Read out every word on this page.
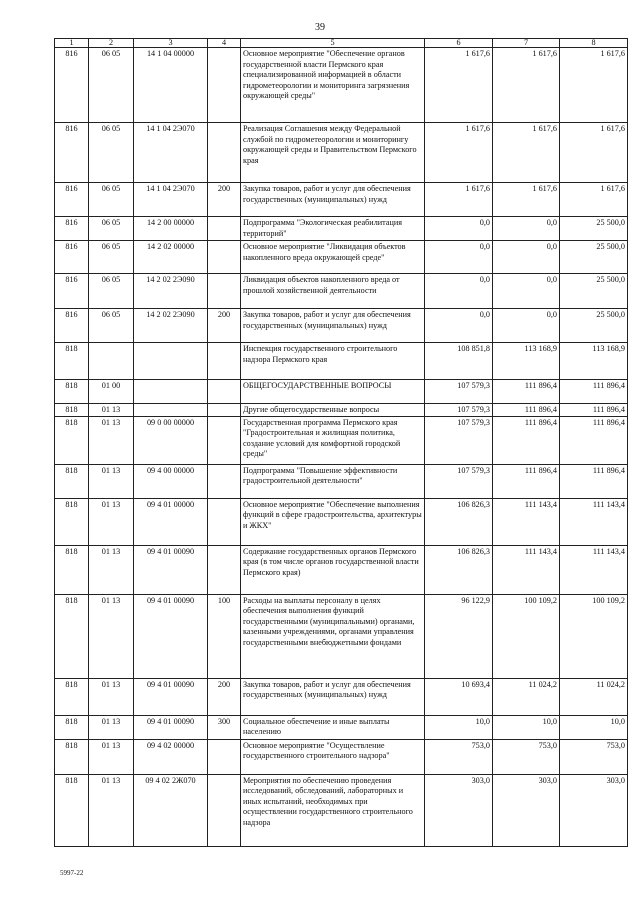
39
1	2	3	4	5	6	7	8
816	06 05	14 1 04 00000		Основное мероприятие "Обеспечение органов государственной власти Пермского края специализированной информацией в области гидрометеорологии и мониторинга загрязнения окружающей среды"	1 617,6	1 617,6	1 617,6
816	06 05	14 1 04 2Э070		Реализация Соглашения между Федеральной службой по гидрометеорологии и мониторингу окружающей среды и Правительством Пермского края	1 617,6	1 617,6	1 617,6
816	06 05	14 1 04 2Э070	200	Закупка товаров, работ и услуг для обеспечения государственных (муниципальных) нужд	1 617,6	1 617,6	1 617,6
816	06 05	14 2 00 00000		Подпрограмма "Экологическая реабилитация территорий"	0,0	0,0	25 500,0
816	06 05	14 2 02 00000		Основное мероприятие "Ликвидация объектов накопленного вреда окружающей среде"	0,0	0,0	25 500,0
816	06 05	14 2 02 2Э090		Ликвидация объектов накопленного вреда от прошлой хозяйственной деятельности	0,0	0,0	25 500,0
816	06 05	14 2 02 2Э090	200	Закупка товаров, работ и услуг для обеспечения государственных (муниципальных) нужд	0,0	0,0	25 500,0
818				Инспекция государственного строительного надзора Пермского края	108 851,8	113 168,9	113 168,9
818	01 00			ОБЩЕГОСУДАРСТВЕННЫЕ ВОПРОСЫ	107 579,3	111 896,4	111 896,4
818	01 13			Другие общегосударственные вопросы	107 579,3	111 896,4	111 896,4
818	01 13	09 0 00 00000		Государственная программа Пермского края "Градостроительная и жилищная политика, создание условий для комфортной городской среды"	107 579,3	111 896,4	111 896,4
818	01 13	09 4 00 00000		Подпрограмма "Повышение эффективности градостроительной деятельности"	107 579,3	111 896,4	111 896,4
818	01 13	09 4 01 00000		Основное мероприятие "Обеспечение выполнения функций в сфере градостроительства, архитектуры и ЖКХ"	106 826,3	111 143,4	111 143,4
818	01 13	09 4 01 00090		Содержание государственных органов Пермского края (в том числе органов государственной власти Пермского края)	106 826,3	111 143,4	111 143,4
818	01 13	09 4 01 00090	100	Расходы на выплаты персоналу в целях обеспечения выполнения функций государственными (муниципальными) органами, казенными учреждениями, органами управления государственными внебюджетными фондами	96 122,9	100 109,2	100 109,2
818	01 13	09 4 01 00090	200	Закупка товаров, работ и услуг для обеспечения государственных (муниципальных) нужд	10 693,4	11 024,2	11 024,2
818	01 13	09 4 01 00090	300	Социальное обеспечение и иные выплаты населению	10,0	10,0	10,0
818	01 13	09 4 02 00000		Основное мероприятие "Осуществление государственного строительного надзора"	753,0	753,0	753,0
818	01 13	09 4 02 2Ж070		Мероприятия по обеспечению проведения исследований, обследований, лабораторных и иных испытаний, необходимых при осуществлении государственного строительного надзора	303,0	303,0	303,0
5997-22
